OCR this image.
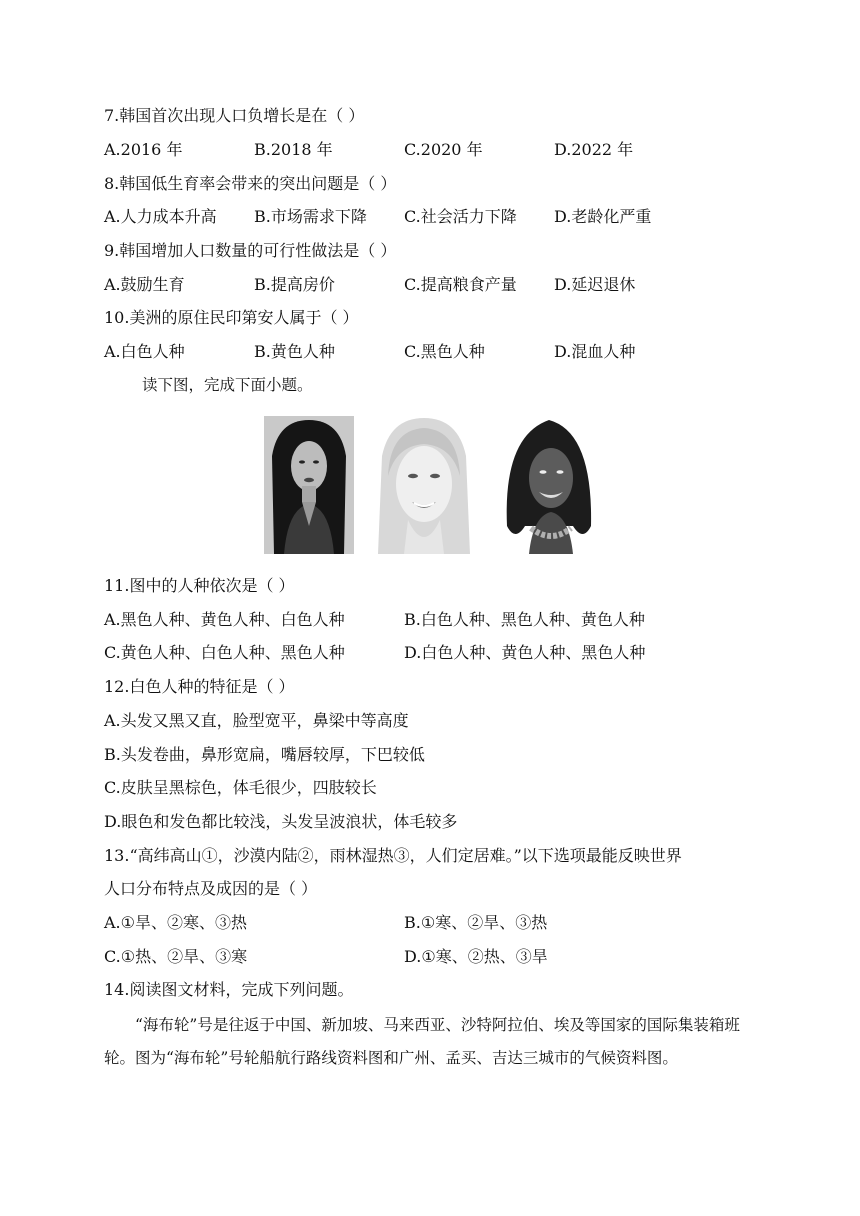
7.韩国首次出现人口负增长是在（ ）
A.2016 年	B.2018 年	C.2020 年	D.2022 年
8.韩国低生育率会带来的突出问题是（ ）
A.人力成本升高 B.市场需求下降 C.社会活力下降 D.老龄化严重
9.韩国增加人口数量的可行性做法是（ ）
A.鼓励生育	B.提高房价	C.提高粮食产量 D.延迟退休
10.美洲的原住民印第安人属于（ ）
A.白色人种	B.黄色人种	C.黑色人种	D.混血人种
读下图，完成下面小题。
11.图中的人种依次是（ ）
A.黑色人种、黄色人种、白色人种	B.白色人种、黑色人种、黄色人种
C.黄色人种、白色人种、黑色人种	D.白色人种、黄色人种、黑色人种
12.白色人种的特征是（ ）
A.头发又黑又直，脸型宽平，鼻梁中等高度
B.头发卷曲，鼻形宽扁，嘴唇较厚，下巴较低
C.皮肤呈黑棕色，体毛很少，四肢较长
D.眼色和发色都比较浅，头发呈波浪状，体毛较多
13.“高纬高山①，沙漠内陆②，雨林湿热③，人们定居难。”以下选项最能反映世界
人口分布特点及成因的是（ ）
A.①旱、②寒、③热	B.①寒、②旱、③热
C.①热、②旱、③寒	D.①寒、②热、③旱
14.阅读图文材料，完成下列问题。
“海布轮”号是往返于中国、新加坡、马来西亚、沙特阿拉伯、埃及等国家的国际集装箱班轮。图为“海布轮”号轮船航行路线资料图和广州、孟买、吉达三城市的气候资料图。
